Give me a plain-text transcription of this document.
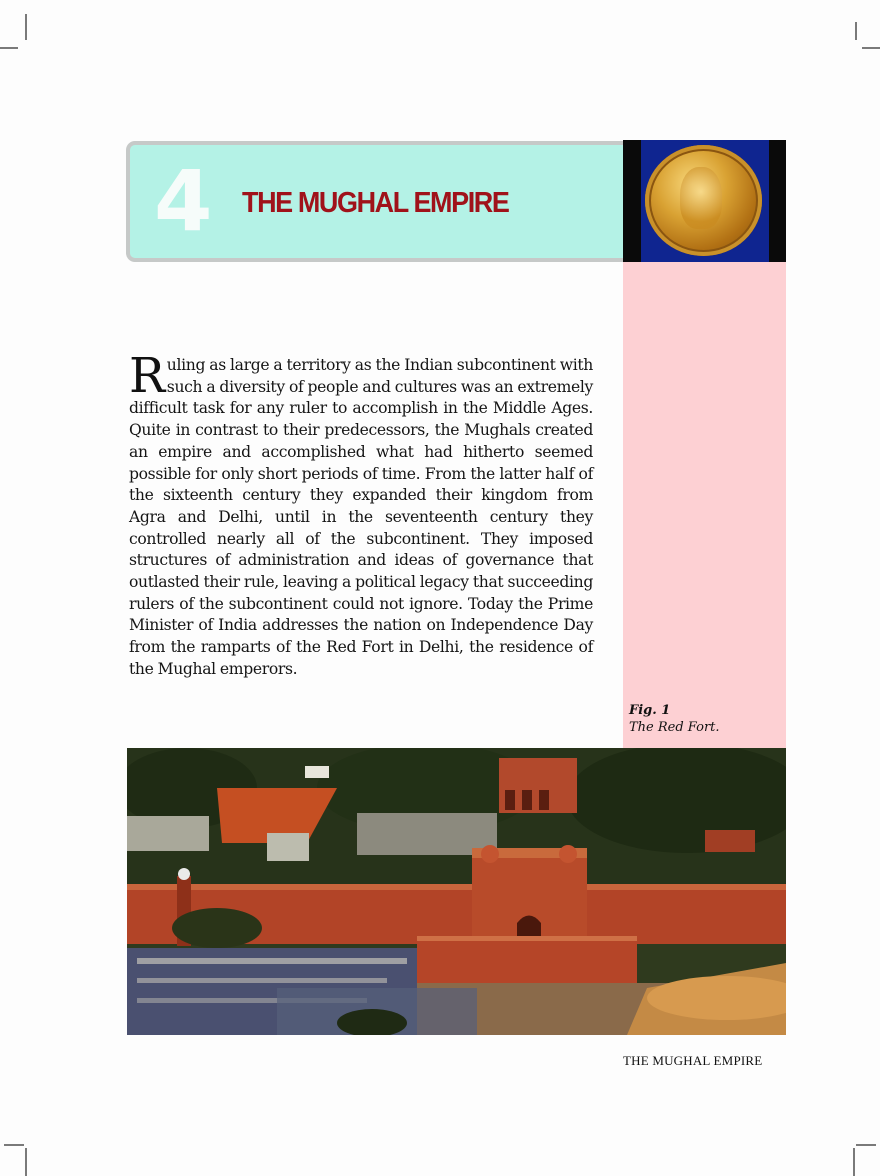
4 THE MUGHAL EMPIRE
Fig. 1
The Red Fort.
Ruling as large a territory as the Indian subcontinent with such a diversity of people and cultures was an extremely difficult task for any ruler to accomplish in the Middle Ages. Quite in contrast to their predecessors, the Mughals created an empire and accomplished what had hitherto seemed possible for only short periods of time. From the latter half of the sixteenth century they expanded their kingdom from Agra and Delhi, until in the seventeenth century they controlled nearly all of the subcontinent. They imposed structures of administration and ideas of governance that outlasted their rule, leaving a political legacy that succeeding rulers of the subcontinent could not ignore. Today the Prime Minister of India addresses the nation on Independence Day from the ramparts of the Red Fort in Delhi, the residence of the Mughal emperors.
THE MUGHAL EMPIRE
